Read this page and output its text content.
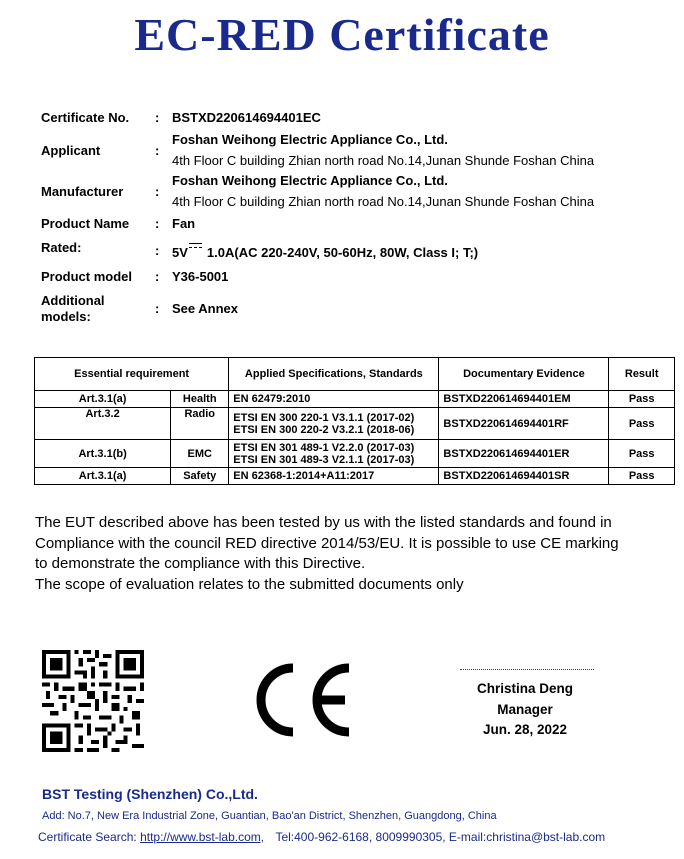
EC-RED Certificate
Certificate No. : BSTXD220614694401EC
Applicant	:
Foshan Weihong Electric Appliance Co., Ltd.
4th Floor C building Zhian north road No.14,Junan Shunde Foshan China
Manufacturer :
Foshan Weihong Electric Appliance Co., Ltd.
4th Floor C building Zhian north road No.14,Junan Shunde Foshan China
Product Name : Fan
Rated:	: 5V 1.0A(AC 220-240V, 50-60Hz, 80W, Class I; T;)
Product model : Y36-5001
Additional
models:
: See Annex
Essential requirement		Applied Specifications, Standards	Documentary Evidence	Result
Art.3.1(a)	Health	EN 62479:2010	BSTXD220614694401EM	Pass
Art.3.2	Radio	ETSI EN 300 220-1 V3.1.1 (2017-02)
ETSI EN 300 220-2 V3.2.1 (2018-06)	BSTXD220614694401RF	Pass
Art.3.1(b)	EMC	ETSI EN 301 489-1 V2.2.0 (2017-03)
ETSI EN 301 489-3 V2.1.1 (2017-03)	BSTXD220614694401ER	Pass
Art.3.1(a)	Safety	EN 62368-1:2014+A11:2017	BSTXD220614694401SR	Pass
The EUT described above has been tested by us with the listed standards and found in
Compliance with the council RED directive 2014/53/EU. It is possible to use CE marking
to demonstrate the compliance with this Directive.
The scope of evaluation relates to the submitted documents only
Christina Deng
Manager
Jun. 28, 2022
BST Testing (Shenzhen) Co.,Ltd.
Add: No.7, New Era Industrial Zone, Guantian, Bao'an District, Shenzhen, Guangdong, China
Certificate Search: http://www.bst-lab.com, Tel:400-962-6168, 8009990305, E-mail:christina@bst-lab.com
